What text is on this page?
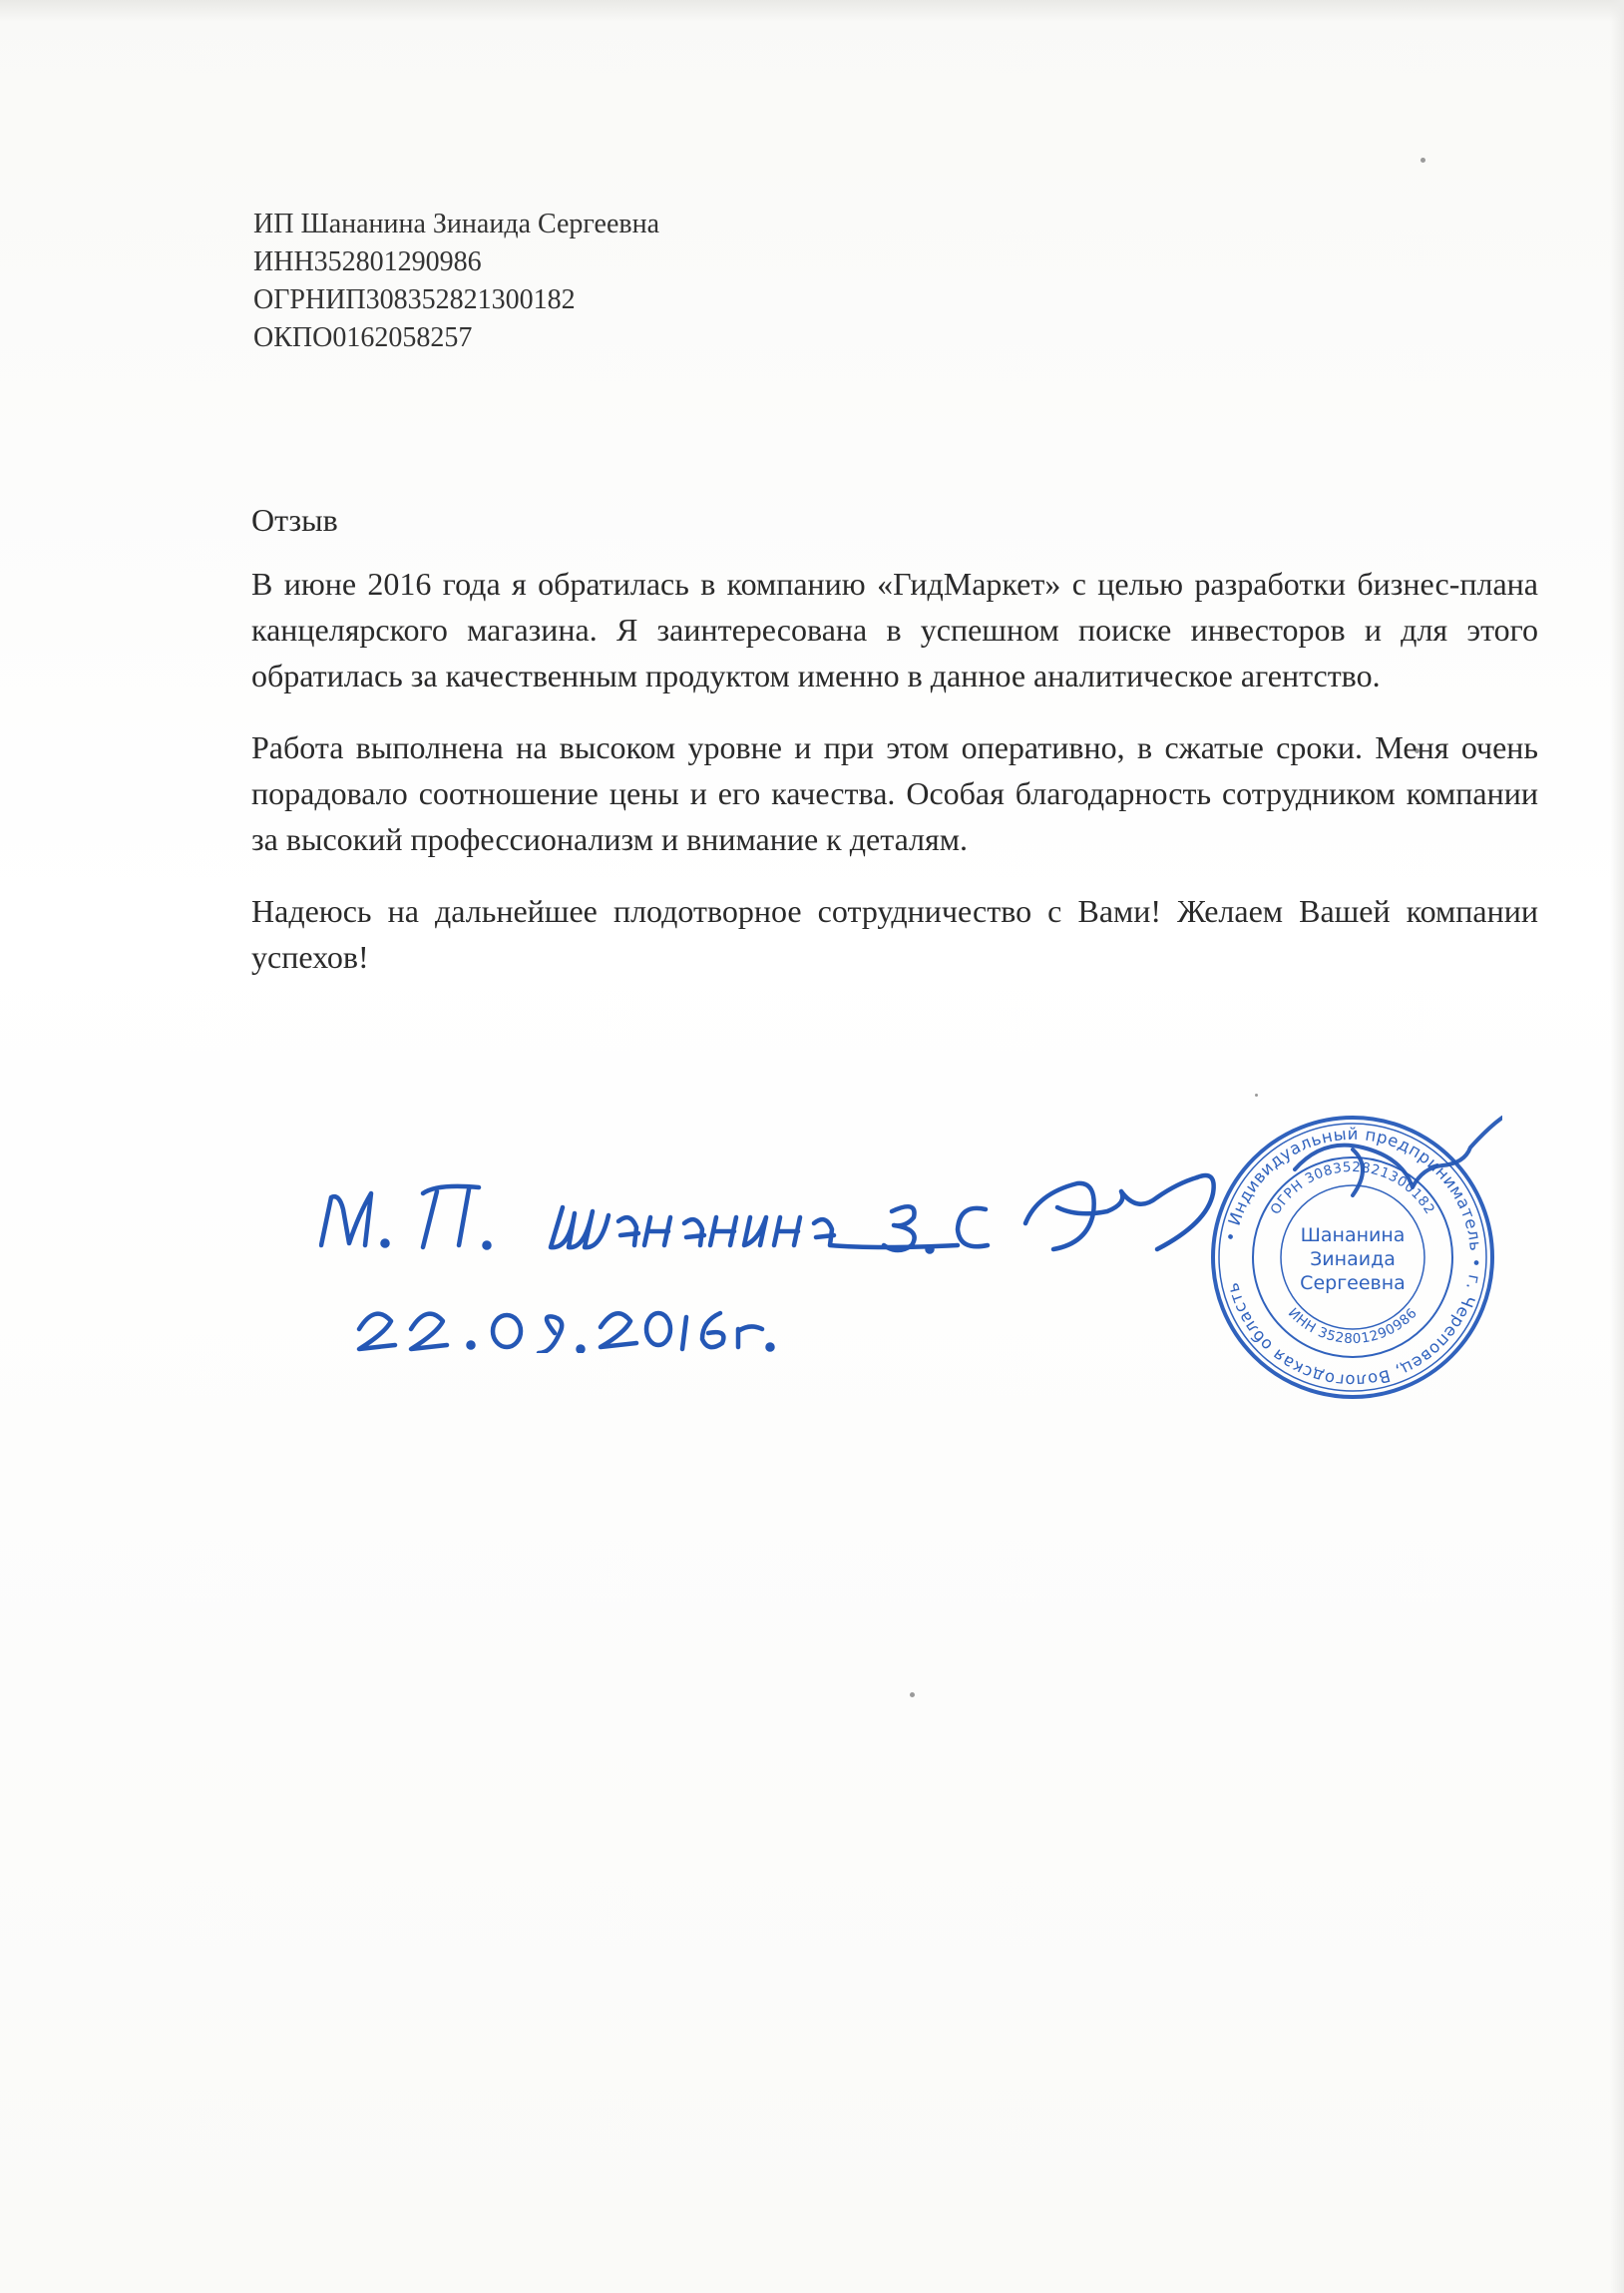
ИП Шананина Зинаида Сергеевна
ИНН352801290986
ОГРНИП308352821300182
ОКПО0162058257
Отзыв
В июне 2016 года я обратилась в компанию «ГидМаркет» с целью разработки бизнес-плана канцелярского магазина. Я заинтересована в успешном поиске инвесторов и для этого обратилась за качественным продуктом именно в данное аналитическое агентство.
Работа выполнена на высоком уровне и при этом оперативно, в сжатые сроки. Меня очень порадовало соотношение цены и его качества. Особая благодарность сотрудником компании за высокий профессионализм и внимание к деталям.
Надеюсь на дальнейшее плодотворное сотрудничество с Вами! Желаем Вашей компании успехов!
• Индивидуальный предприниматель • г. Череповец, Вологодская область
ОГРН 308352821300182
ИНН 352801290986
Шананина
Зинаида
Сергеевна
